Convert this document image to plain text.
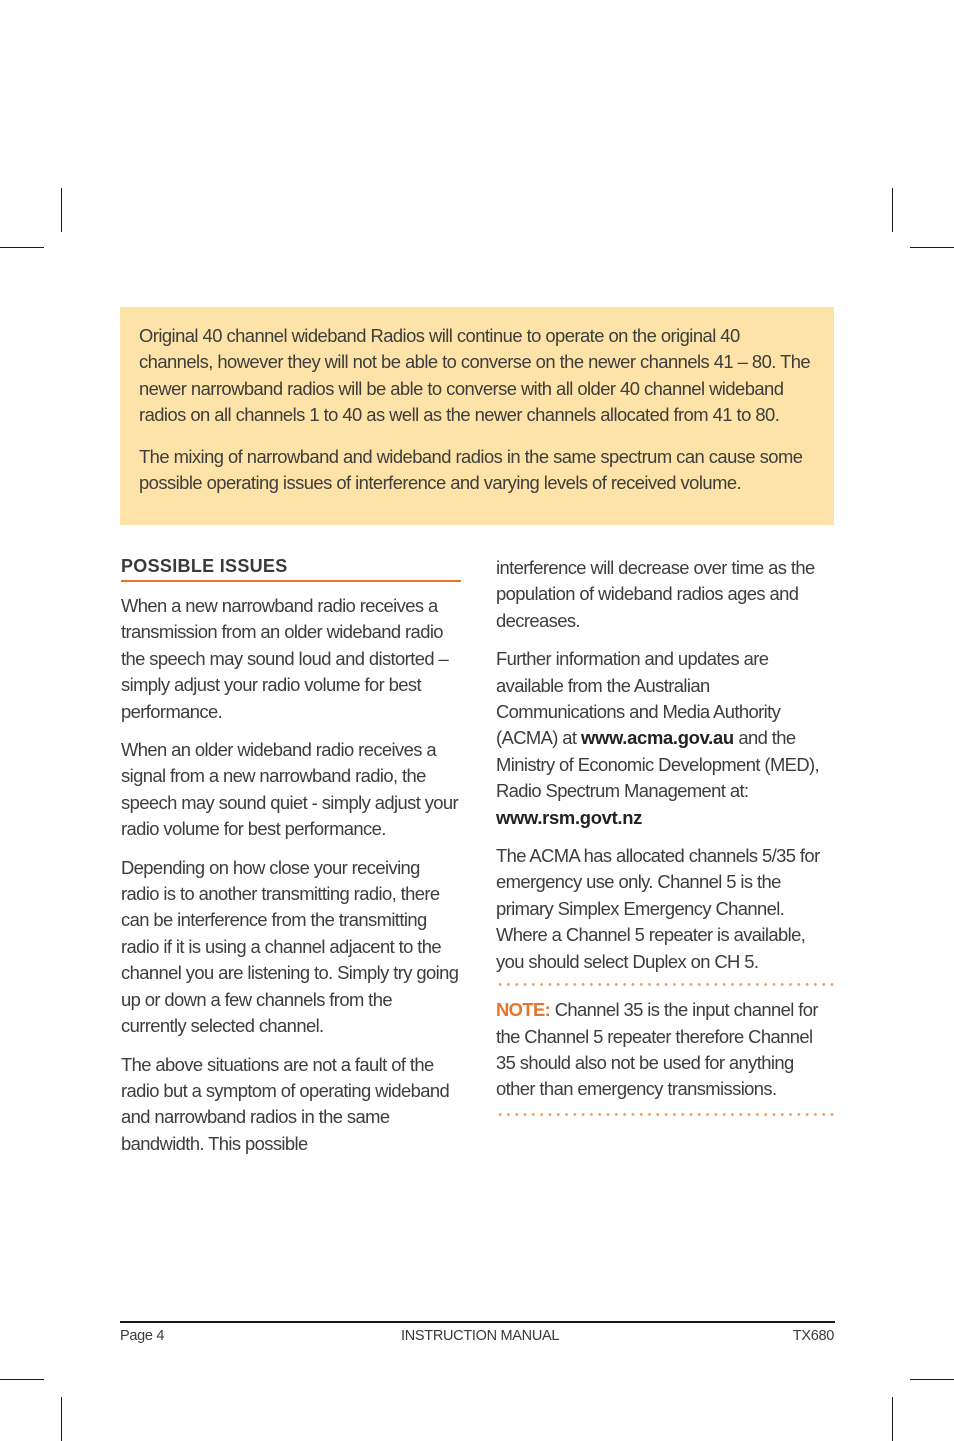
Original 40 channel wideband Radios will continue to operate on the original 40 channels, however they will not be able to converse on the newer channels 41 – 80. The newer narrowband radios will be able to converse with all older 40 channel wideband radios on all channels 1 to 40 as well as the newer channels allocated from 41 to 80.

The mixing of narrowband and wideband radios in the same spectrum can cause some possible operating issues of interference and varying levels of received volume.

POSSIBLE ISSUES

When a new narrowband radio receives a transmission from an older wideband radio the speech may sound loud and distorted – simply adjust your radio volume for best performance.

When an older wideband radio receives a signal from a new narrowband radio, the speech may sound quiet - simply adjust your radio volume for best performance.

Depending on how close your receiving radio is to another transmitting radio, there can be interference from the transmitting radio if it is using a channel adjacent to the channel you are listening to. Simply try going up or down a few channels from the currently selected channel.

The above situations are not a fault of the radio but a symptom of operating wideband and narrowband radios in the same bandwidth. This possible

interference will decrease over time as the population of wideband radios ages and decreases.

Further information and updates are available from the Australian Communications and Media Authority (ACMA) at www.acma.gov.au and the Ministry of Economic Development (MED), Radio Spectrum Management at:
www.rsm.govt.nz

The ACMA has allocated channels 5/35 for emergency use only. Channel 5 is the primary Simplex Emergency Channel. Where a Channel 5 repeater is available, you should select Duplex on CH 5.

NOTE: Channel 35 is the input channel for the Channel 5 repeater therefore Channel 35 should also not be used for anything other than emergency transmissions.

Page 4	INSTRUCTION MANUAL	TX680
